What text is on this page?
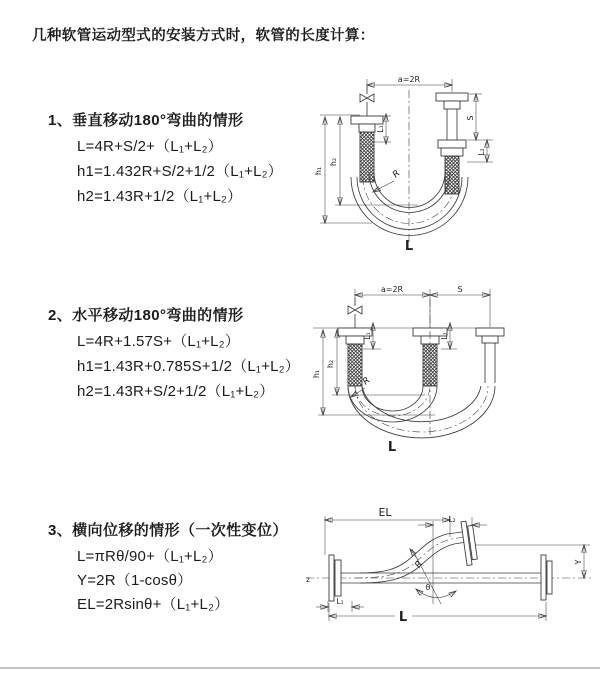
几种软管运动型式的安装方式时，软管的长度计算：
1、垂直移动180°弯曲的情形
L=4R+S/2+（L₁+L₂）
h1=1.432R+S/2+1/2（L₁+L₂）
h2=1.43R+1/2（L₁+L₂）
2、水平移动180°弯曲的情形
L=4R+1.57S+（L₁+L₂）
h1=1.43R+0.785S+1/2（L₁+L₂）
h2=1.43R+S/2+1/2（L₁+L₂）
3、横向位移的情形（一次性变位）
L=πRθ/90+（L₁+L₂）
Y=2R（1-cosθ）
EL=2Rsinθ+（L₁+L₂）
a=2R
L₁
S
L₂
h₁
h₂
R
L
a=2R	S
L₁	L₂
h₁
h₂
R
L
EL
L₂
Y
z
R
θ
L₁
L
